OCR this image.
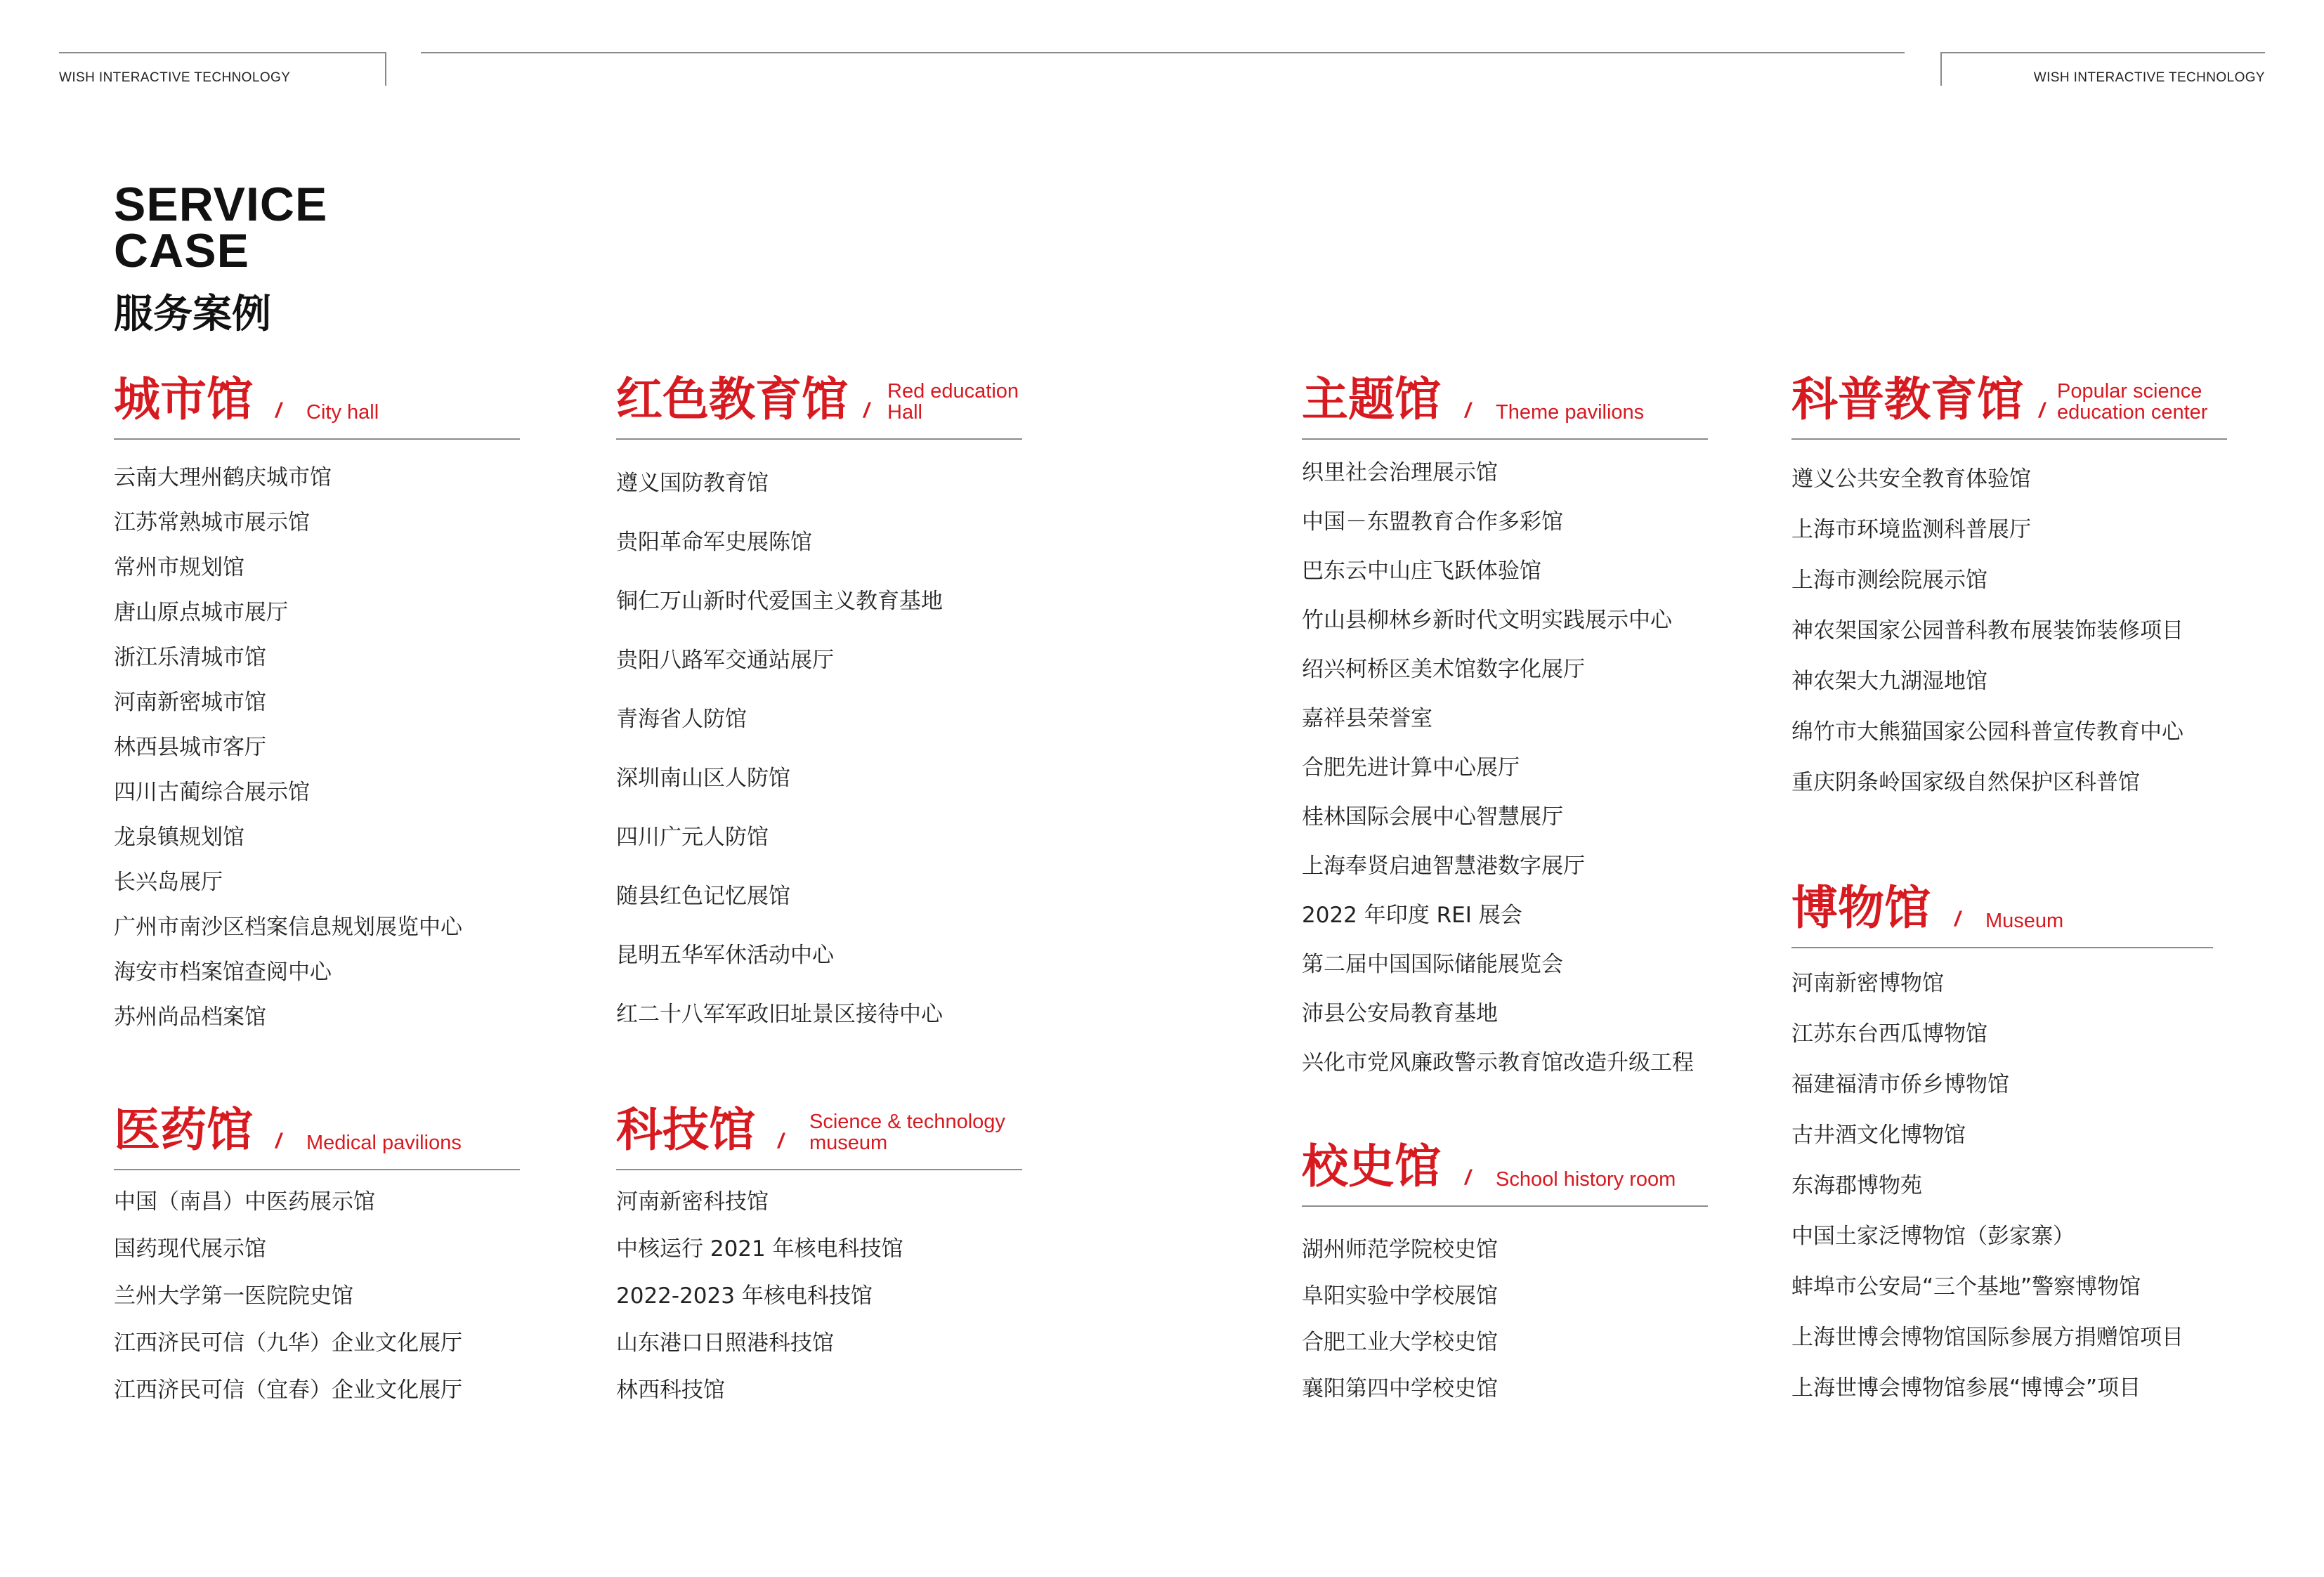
WISH INTERACTIVE TECHNOLOGY	WISH INTERACTIVE TECHNOLOGY
SERVICE
CASE
服务案例
城市馆 / City hall
云南大理州鹤庆城市馆
江苏常熟城市展示馆
常州市规划馆
唐山原点城市展厅
浙江乐清城市馆
河南新密城市馆
林西县城市客厅
四川古蔺综合展示馆
龙泉镇规划馆
长兴岛展厅
广州市南沙区档案信息规划展览中心
海安市档案馆查阅中心
苏州尚品档案馆
红色教育馆 /
Red education
Hall
遵义国防教育馆
贵阳革命军史展陈馆
铜仁万山新时代爱国主义教育基地
贵阳八路军交通站展厅
青海省人防馆
深圳南山区人防馆
四川广元人防馆
随县红色记忆展馆
昆明五华军休活动中心
红二十八军军政旧址景区接待中心
主题馆 / Theme pavilions
织里社会治理展示馆
中国－东盟教育合作多彩馆
巴东云中山庄飞跃体验馆
竹山县柳林乡新时代文明实践展示中心
绍兴柯桥区美术馆数字化展厅
嘉祥县荣誉室
合肥先进计算中心展厅
桂林国际会展中心智慧展厅
上海奉贤启迪智慧港数字展厅
2022 年印度 REI 展会
第二届中国国际储能展览会
沛县公安局教育基地
兴化市党风廉政警示教育馆改造升级工程
科普教育馆 /
Popular science
education center
遵义公共安全教育体验馆
上海市环境监测科普展厅
上海市测绘院展示馆
神农架国家公园普科教布展装饰装修项目
神农架大九湖湿地馆
绵竹市大熊猫国家公园科普宣传教育中心
重庆阴条岭国家级自然保护区科普馆
医药馆 / Medical pavilions
中国（南昌）中医药展示馆
国药现代展示馆
兰州大学第一医院院史馆
江西济民可信（九华）企业文化展厅
江西济民可信（宜春）企业文化展厅
科技馆 /
Science & technology
museum
河南新密科技馆
中核运行 2021 年核电科技馆
2022-2023 年核电科技馆
山东港口日照港科技馆
林西科技馆
校史馆 / School history room
湖州师范学院校史馆
阜阳实验中学校展馆
合肥工业大学校史馆
襄阳第四中学校史馆
博物馆 / Museum
河南新密博物馆
江苏东台西瓜博物馆
福建福清市侨乡博物馆
古井酒文化博物馆
东海郡博物苑
中国土家泛博物馆（彭家寨）
蚌埠市公安局“三个基地”警察博物馆
上海世博会博物馆国际参展方捐赠馆项目
上海世博会博物馆参展“博博会”项目
